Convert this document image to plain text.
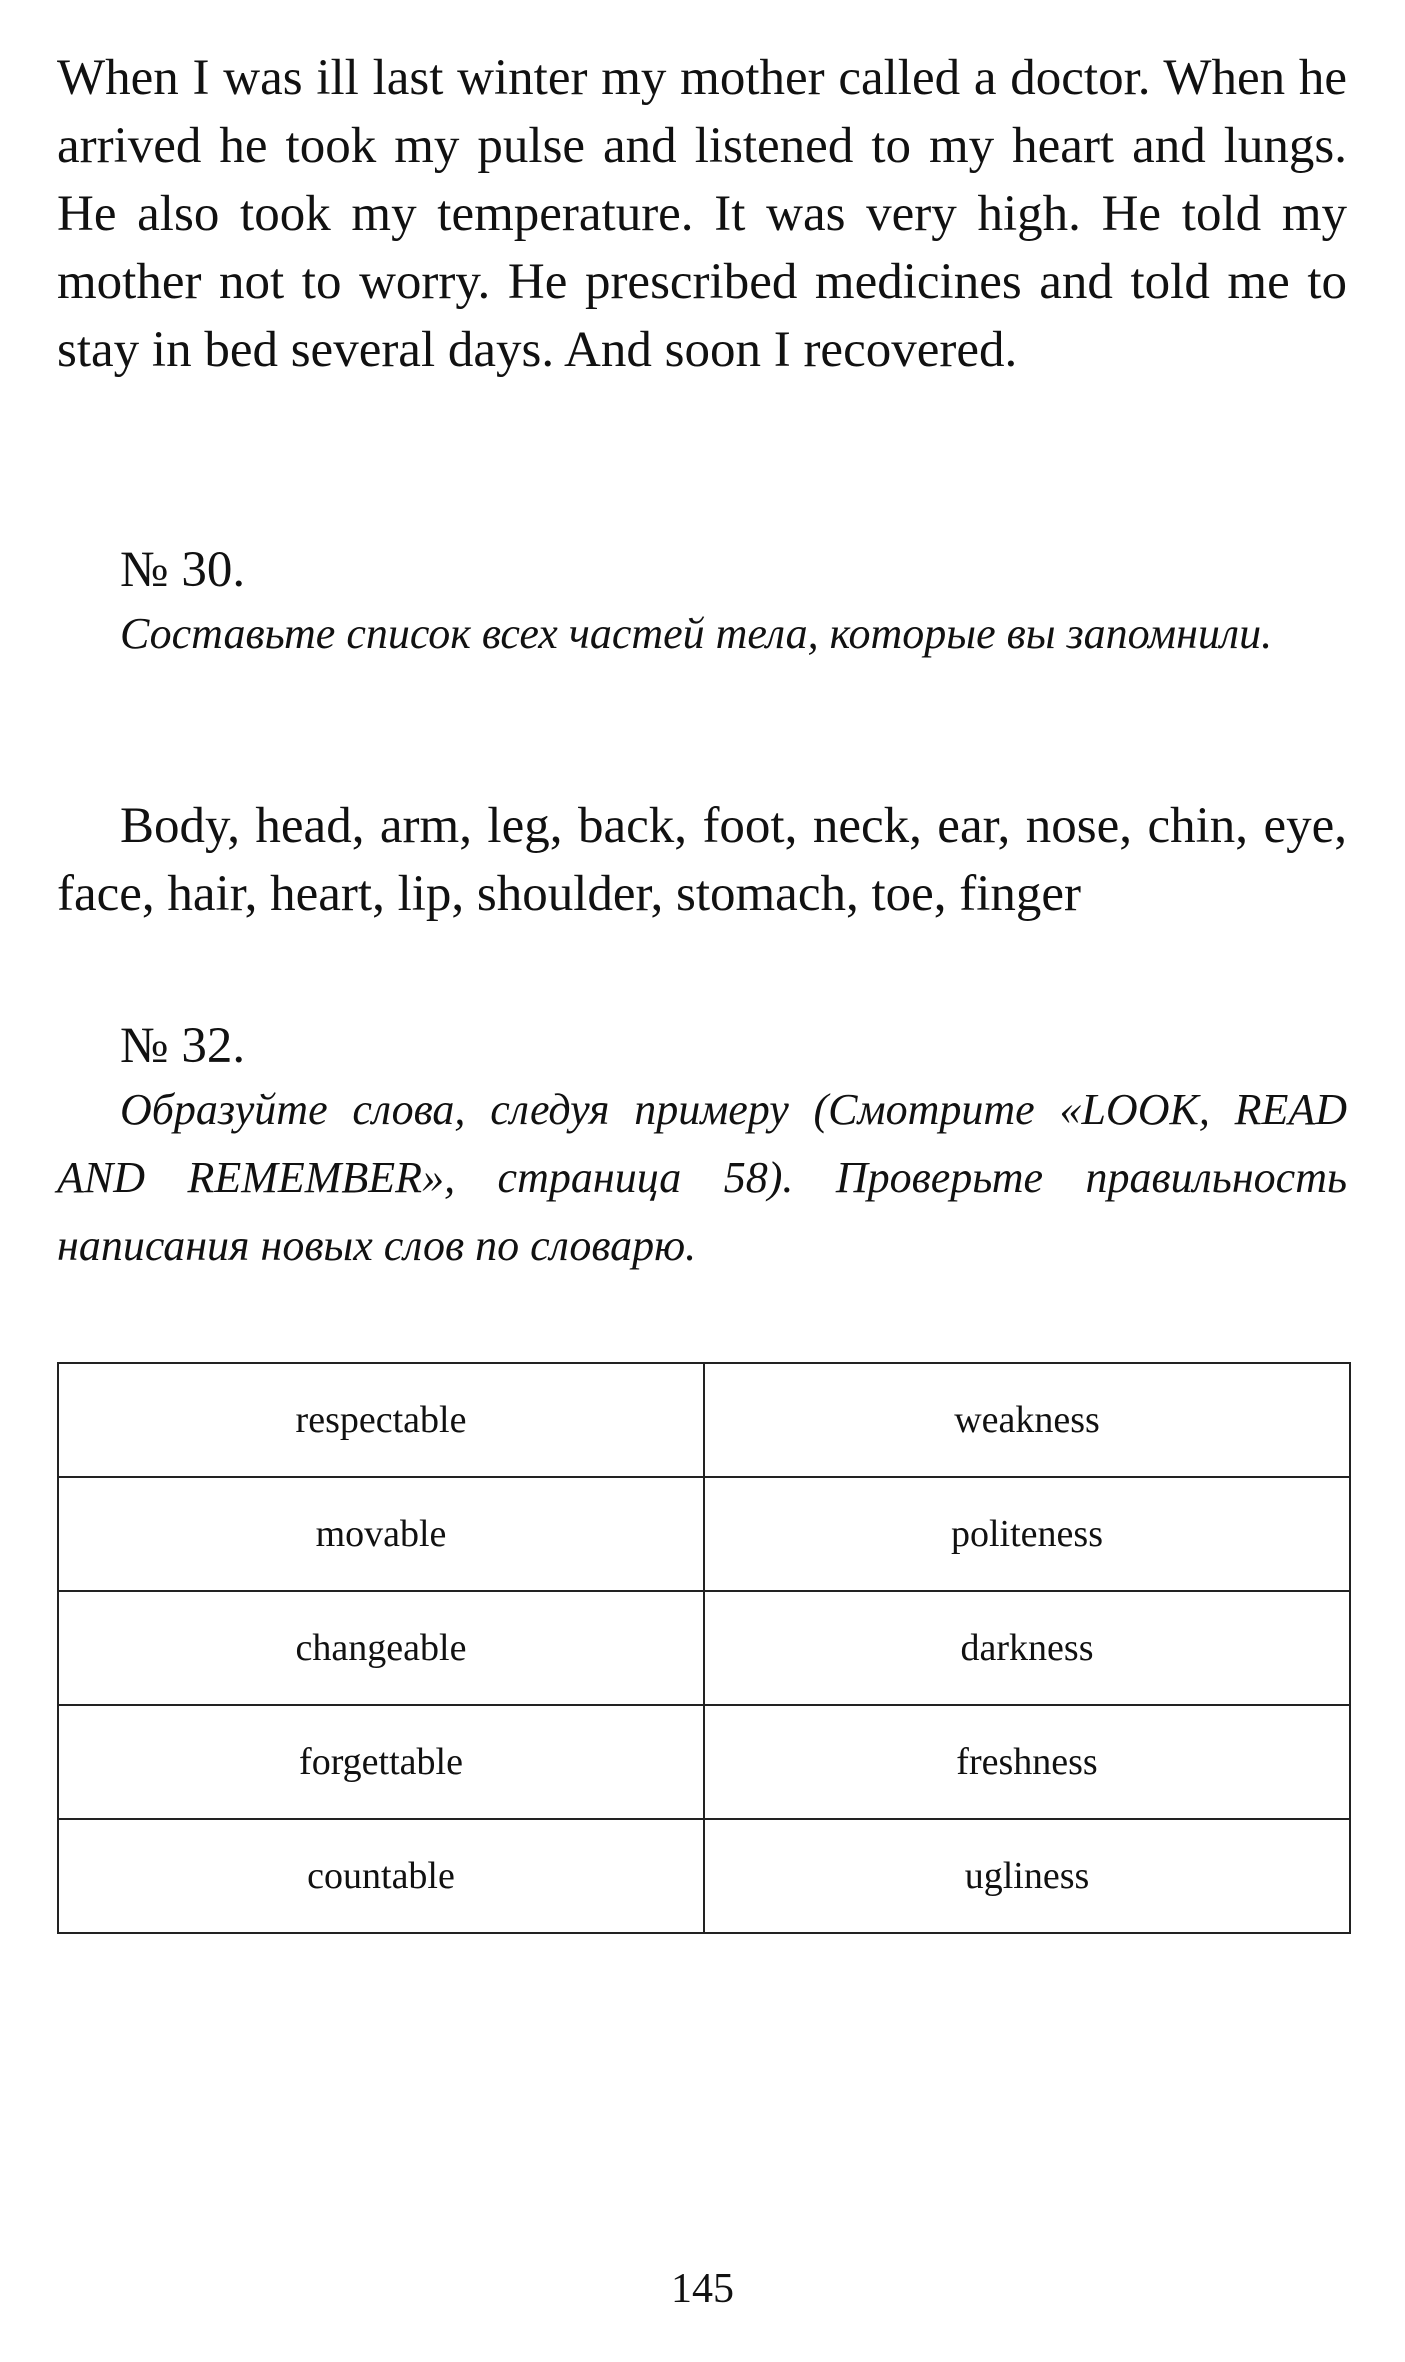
When I was ill last winter my mother called a doctor. When he arrived he took my pulse and listened to my heart and lungs. He also took my temperature. It was very high. He told my mother not to worry. He prescribed medicines and told me to stay in bed several days. And soon I recovered.

№ 30.

Составьте список всех частей тела, которые вы запомнили.

Body, head, arm, leg, back, foot, neck, ear, nose, chin, eye, face, hair, heart, lip, shoulder, stomach, toe, finger

№ 32.

Образуйте слова, следуя примеру (Смотрите «LOOK, READ AND REMEMBER», страница 58). Проверьте правильность написания новых слов по словарю.

respectable	weakness
movable	politeness
changeable	darkness
forgettable	freshness
countable	ugliness

145
